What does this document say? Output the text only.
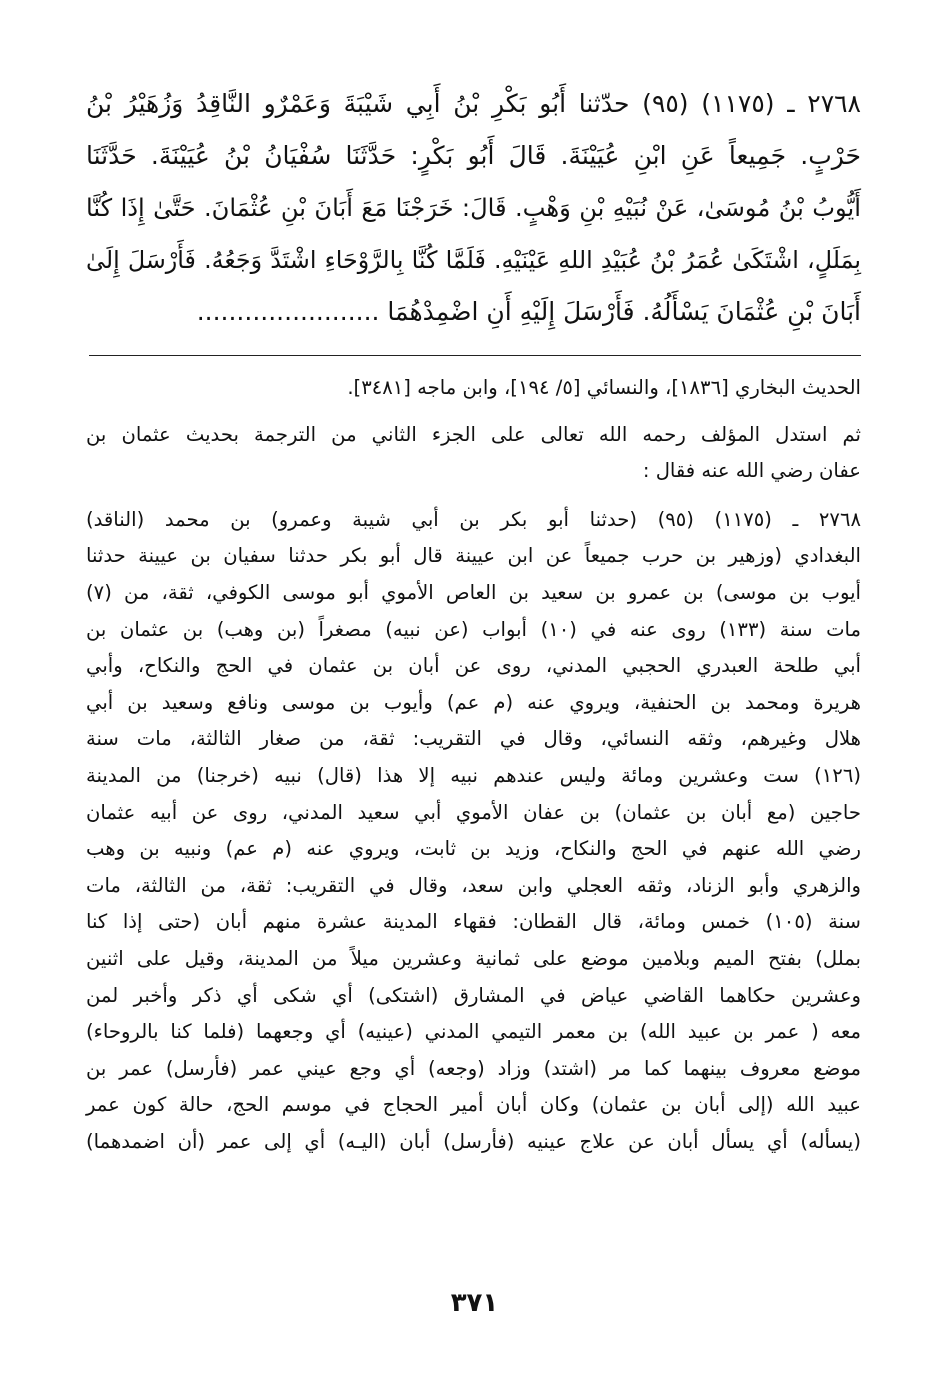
٢٧٦٨ ـ (١١٧٥) (٩٥) حدّثنا أَبُو بَكْرِ بْنُ أَبِي شَيْبَةَ وَعَمْرٌو النَّاقِدُ وَزُهَيْرُ بْنُ
حَرْبٍ. جَمِيعاً عَنِ ابْنِ عُيَيْنَةَ. قَالَ أَبُو بَكْرٍ: حَدَّثَنَا سُفْيَانُ بْنُ عُيَيْنَةَ. حَدَّثَنَا
أَيُّوبُ بْنُ مُوسَىٰ، عَنْ نُبَيْهِ بْنِ وَهْبٍ. قَالَ: خَرَجْنَا مَعَ أَبَانَ بْنِ عُثْمَانَ. حَتَّىٰ إِذَا كُنَّا
بِمَلَلٍ، اشْتَكَىٰ عُمَرُ بْنُ عُبَيْدِ اللهِ عَيْنَيْهِ. فَلَمَّا كُنَّا بِالرَّوْحَاءِ اشْتَدَّ وَجَعُهُ. فَأَرْسَلَ إِلَىٰ
أَبَانَ بْنِ عُثْمَانَ يَسْأَلُهُ. فَأَرْسَلَ إِلَيْهِ أَنِ اضْمِدْهُمَا .......................
الحديث البخاري [١٨٣٦]، والنسائي [٥/ ١٩٤]، وابن ماجه [٣٤٨١].
ثم استدل المؤلف رحمه الله تعالى على الجزء الثاني من الترجمة بحديث عثمان بن
عفان رضي الله عنه فقال :
٢٧٦٨ ـ (١١٧٥) (٩٥) (حدثنا أبو بكر بن أبي شيبة وعمرو) بن محمد (الناقد)
البغدادي (وزهير بن حرب جميعاً عن ابن عيينة قال أبو بكر حدثنا سفيان بن عيينة حدثنا
أيوب بن موسى) بن عمرو بن سعيد بن العاص الأموي أبو موسى الكوفي، ثقة، من (٧)
مات سنة (١٣٣) روى عنه في (١٠) أبواب (عن نبيه) مصغراً (بن وهب) بن عثمان بن
أبي طلحة العبدري الحجبي المدني، روى عن أبان بن عثمان في الحج والنكاح، وأبي
هريرة ومحمد بن الحنفية، ويروي عنه (م عم) وأيوب بن موسى ونافع وسعيد بن أبي
هلال وغيرهم، وثقه النسائي، وقال في التقريب: ثقة، من صغار الثالثة، مات سنة
(١٢٦) ست وعشرين ومائة وليس عندهم نبيه إلا هذا (قال) نبيه (خرجنا) من المدينة
حاجين (مع أبان بن عثمان) بن عفان الأموي أبي سعيد المدني، روى عن أبيه عثمان
رضي الله عنهم في الحج والنكاح، وزيد بن ثابت، ويروي عنه (م عم) ونبيه بن وهب
والزهري وأبو الزناد، وثقه العجلي وابن سعد، وقال في التقريب: ثقة، من الثالثة، مات
سنة (١٠٥) خمس ومائة، قال القطان: فقهاء المدينة عشرة منهم أبان (حتى إذا كنا
بملل) بفتح الميم وبلامين موضع على ثمانية وعشرين ميلاً من المدينة، وقيل على اثنين
وعشرين حكاهما القاضي عياض في المشارق (اشتكى) أي شكى أي ذكر وأخبر لمن
معه ( عمر بن عبيد الله) بن معمر التيمي المدني (عينيه) أي وجعهما (فلما كنا بالروحاء)
موضع معروف بينهما كما مر (اشتد) وزاد (وجعه) أي وجع عيني عمر (فأرسل) عمر بن
عبيد الله (إلى أبان بن عثمان) وكان أبان أمير الحجاج في موسم الحج، حالة كون عمر
(يسأله) أي يسأل أبان عن علاج عينيه (فأرسل) أبان (اليـه) أي إلى عمر (أن اضمدهما)
٣٧١
